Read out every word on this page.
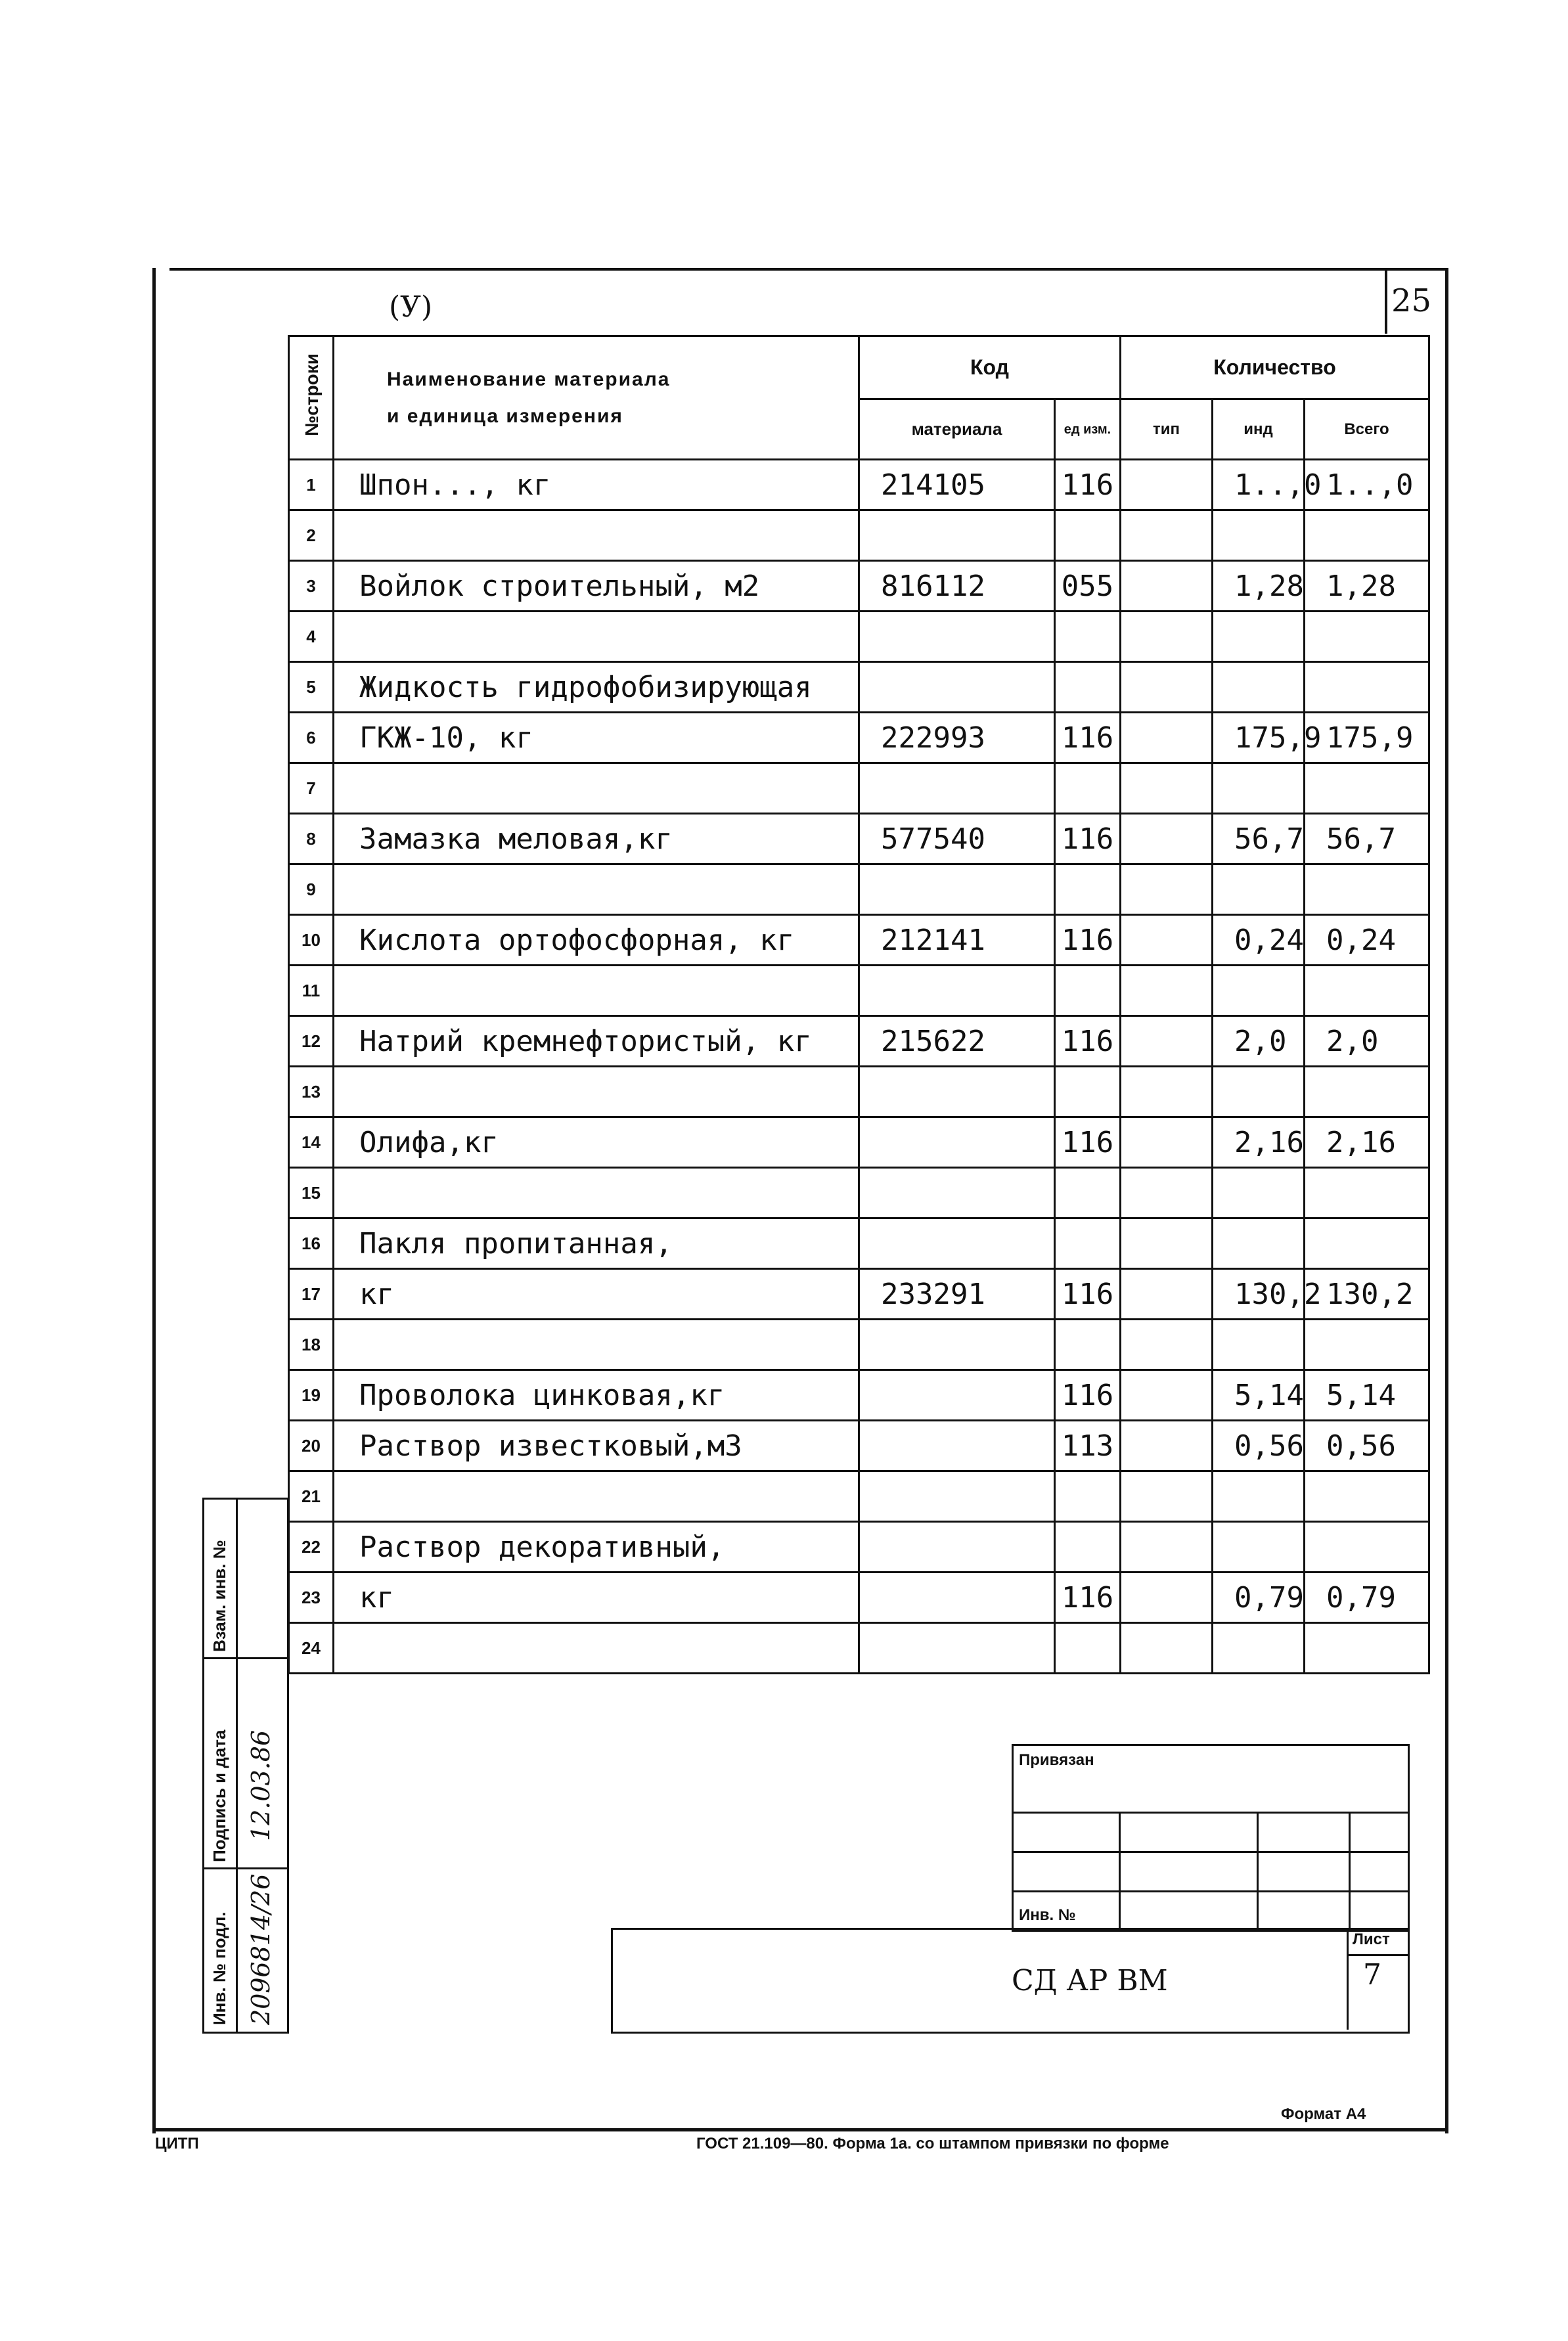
25
(У)
№строки	Наименование материала
и единица измерения	Код		Количество		
		материала	ед изм.	тип	инд	Всего
1	Шпон..., кг	214105	116		1..,0	1..,0
2						
3	Войлок строительный, м2	816112	055		1,28	1,28
4						
5	Жидкость гидрофобизирующая					
6	ГКЖ-10, кг	222993	116		175,9	175,9
7						
8	Замазка меловая,кг	577540	116		56,7	56,7
9						
10	Кислота ортофосфорная, кг	212141	116		0,24	0,24
11						
12	Натрий кремнефтористый, кг	215622	116		2,0	2,0
13						
14	Олифа,кг		116		2,16	2,16
15						
16	Пакля пропитанная,					
17	кг	233291	116		130,2	130,2
18						
19	Проволока цинковая,кг		116		5,14	5,14
20	Раствор известковый,м3		113		0,56	0,56
21						
22	Раствор декоративный,					
23	кг		116		0,79	0,79
24						
Взам. инв. №
Подпись и дата
Инв. № подл.
12.03.86
2096814/26
Привязан
Инв. №
СД АР ВМ
Лист
7
Формат А4
ЦИТП	ГОСТ 21.109—80. Форма 1а. со штампом привязки по форме
